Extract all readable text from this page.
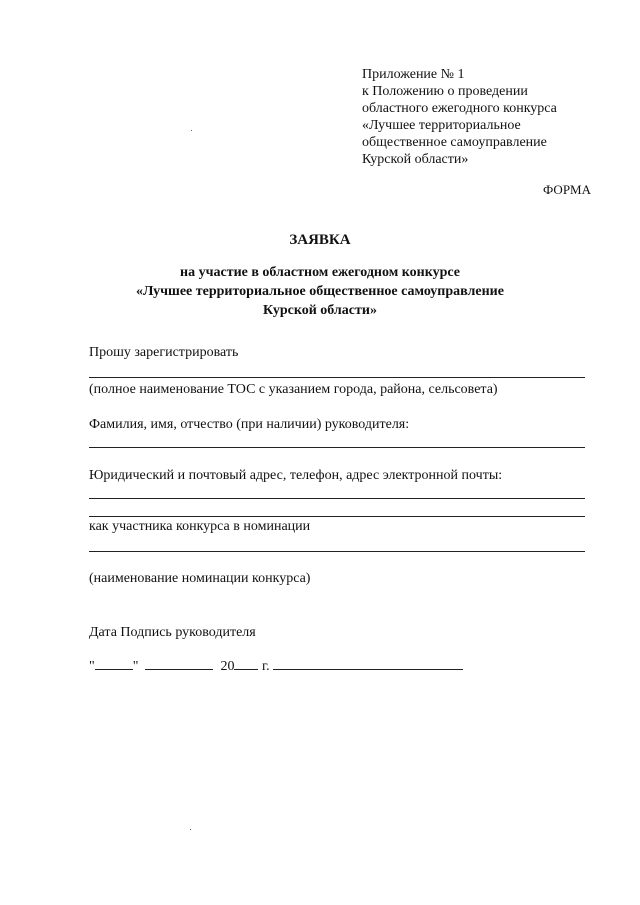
Приложение № 1
к Положению о проведении
областного ежегодного конкурса
«Лучшее территориальное
общественное самоуправление
Курской области»
ФОРМА
ЗАЯВКА
на участие в областном ежегодном конкурсе
«Лучшее территориальное общественное самоуправление
Курской области»
Прошу зарегистрировать
(полное наименование ТОС с указанием города, района, сельсовета)
Фамилия, имя, отчество (при наличии) руководителя:
Юридический и почтовый адрес, телефон, адрес электронной почты:
как участника конкурса в номинации
(наименование номинации конкурса)
Дата Подпись руководителя
"	"	20 г.
